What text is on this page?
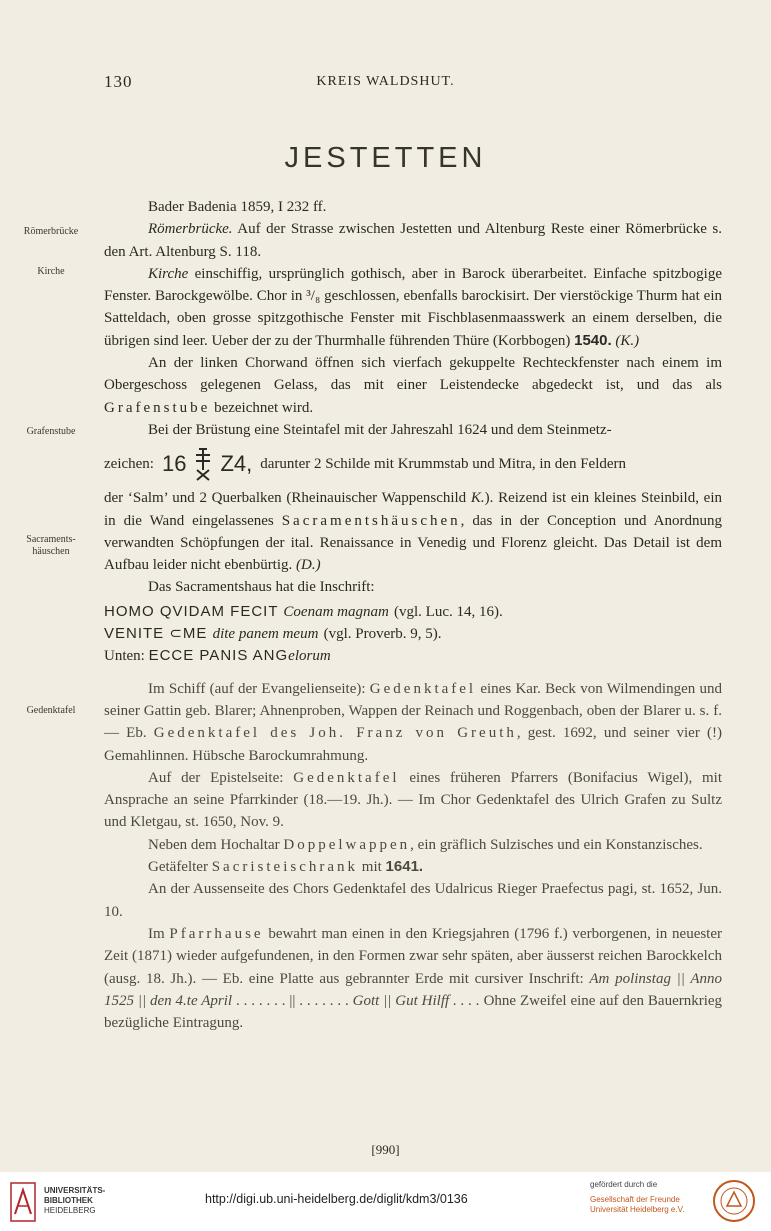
130	KREIS WALDSHUT.
JESTETTEN
Römerbrücke
Kirche
Grafenstube
Sacraments-häuschen
Gedenktafel

Bader Badenia 1859, I 232 ff.

Römerbrücke. Auf der Strasse zwischen Jestetten und Altenburg Reste einer Römerbrücke s. den Art. Altenburg S. 118.

Kirche einschiffig, ursprünglich gothisch, aber in Barock überarbeitet. Einfache spitzbogige Fenster. Barockgewölbe. Chor in ³/₈ geschlossen, ebenfalls barockisirt. Der vierstöckige Thurm hat ein Satteldach, oben grosse spitzgothische Fenster mit Fischblasenmaasswerk an einem derselben, die übrigen sind leer. Ueber der zu der Thurmhalle führenden Thüre (Korbbogen) 1540. (K.)

An der linken Chorwand öffnen sich vierfach gekuppelte Rechteckfenster nach einem im Obergeschoss gelegenen Gelass, das mit einer Leistendecke abgedeckt ist, und das als Grafenstube bezeichnet wird.

Bei der Brüstung eine Steintafel mit der Jahreszahl 1624 und dem Steinmetz-

zeichen: 16 Z4, darunter 2 Schilde mit Krummstab und Mitra, in den Feldern

der ‘Salm’ und 2 Querbalken (Rheinauischer Wappenschild K.). Reizend ist ein kleines Steinbild, ein in die Wand eingelassenes Sacramentshäuschen, das in der Conception und Anordnung verwandten Schöpfungen der ital. Renaissance in Venedig und Florenz gleicht. Das Detail ist dem Aufbau leider nicht ebenbürtig. (D.)

Das Sacramentshaus hat die Inschrift:

HOMO QVIDAM FECIT Coenam magnam (vgl. Luc. 14, 16).

VENITE ⊂ME dite panem meum (vgl. Proverb. 9, 5).

Unten: ECCE PANIS ANGelorum

Im Schiff (auf der Evangelienseite): Gedenktafel eines Kar. Beck von Wilmendingen und seiner Gattin geb. Blarer; Ahnenproben, Wappen der Reinach und Roggenbach, oben der Blarer u. s. f. — Eb. Gedenktafel des Joh. Franz von Greuth, gest. 1692, und seiner vier (!) Gemahlinnen. Hübsche Barockumrahmung.

Auf der Epistelseite: Gedenktafel eines früheren Pfarrers (Bonifacius Wigel), mit Ansprache an seine Pfarrkinder (18.—19. Jh.). — Im Chor Gedenktafel des Ulrich Grafen zu Sultz und Kletgau, st. 1650, Nov. 9.

Neben dem Hochaltar Doppelwappen, ein gräflich Sulzisches und ein Konstanzisches.

Getäfelter Sacristeischrank mit 1641.

An der Aussenseite des Chors Gedenktafel des Udalricus Rieger Praefectus pagi, st. 1652, Jun. 10.

Im Pfarrhause bewahrt man einen in den Kriegsjahren (1796 f.) verborgenen, in neuester Zeit (1871) wieder aufgefundenen, in den Formen zwar sehr späten, aber äusserst reichen Barockkelch (ausg. 18. Jh.). — Eb. eine Platte aus gebrannter Erde mit cursiver Inschrift: Am polinstag || Anno 1525 || den 4.te April . . . . . . . || . . . . . . . Gott || Gut Hilff . . . . Ohne Zweifel eine auf den Bauernkrieg bezügliche Eintragung.

[990]
UNIVERSITÄTS-
BIBLIOTHEK
HEIDELBERG
http://digi.ub.uni-heidelberg.de/diglit/kdm3/0136
gefördert durch die
Gesellschaft der Freunde
Universität Heidelberg e.V.
